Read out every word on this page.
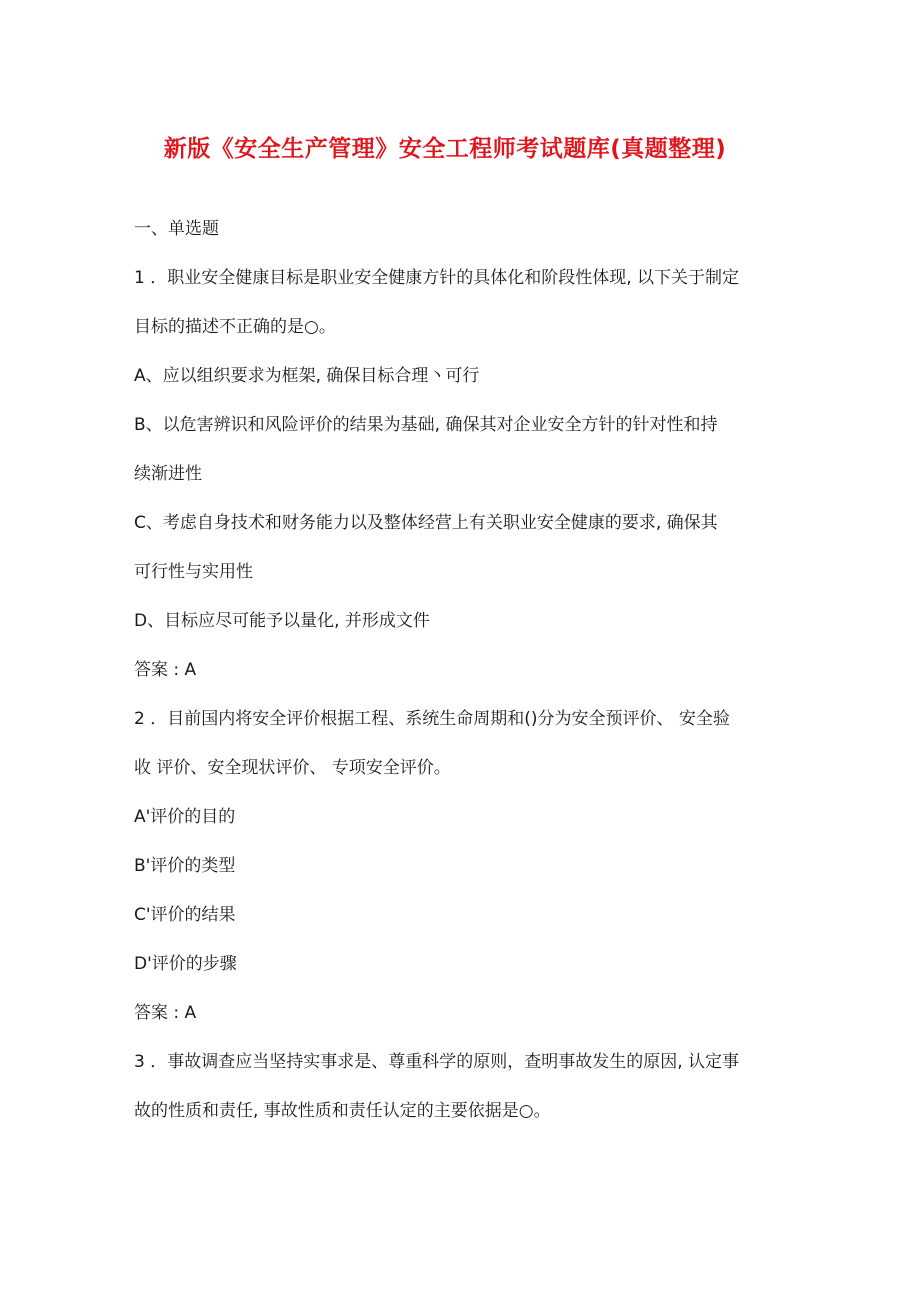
新版《安全生产管理》安全工程师考试题库(真题整理)
一、单选题
1 ．职业安全健康目标是职业安全健康方针的具体化和阶段性体现, 以下关于制定
目标的描述不正确的是○。
A、应以组织要求为框架, 确保目标合理丶可行
B、以危害辨识和风险评价的结果为基础, 确保其对企业安全方针的针对性和持
续渐进性
C、考虑自身技术和财务能力以及整体经营上有关职业安全健康的要求, 确保其
可行性与实用性
D、目标应尽可能予以量化, 并形成文件
答案 : A
2 ．目前国内将安全评价根据工程、系统生命周期和()分为安全预评价、 安全验
收 评价、安全现状评价、 专项安全评价。
A'评价的目的
B'评价的类型
C'评价的结果
D'评价的步骤
答案 : A
3 ．事故调查应当坚持实事求是、尊重科学的原则，查明事故发生的原因, 认定事
故的性质和责任, 事故性质和责任认定的主要依据是○。
